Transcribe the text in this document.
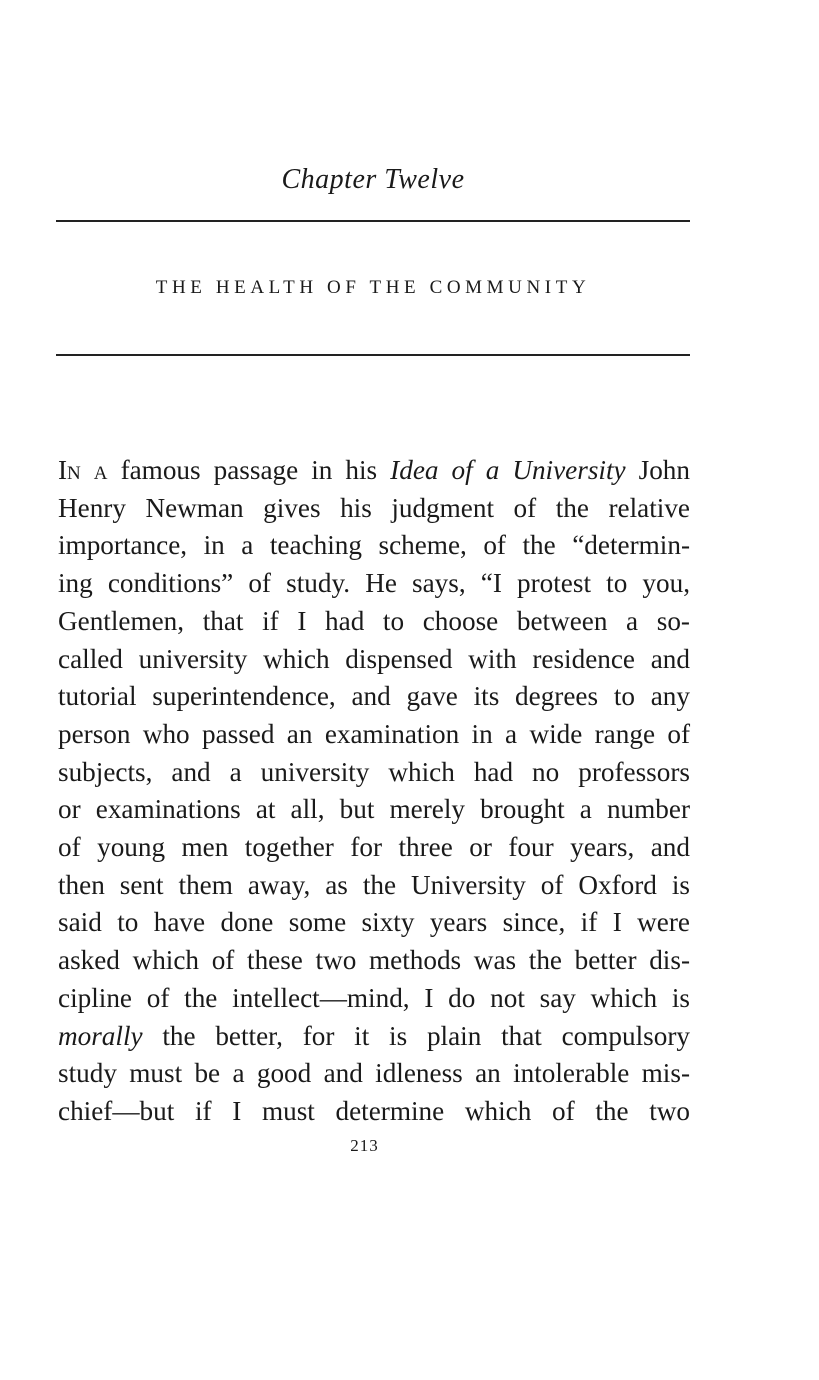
Chapter Twelve
THE HEALTH OF THE COMMUNITY
In a famous passage in his Idea of a University John
Henry Newman gives his judgment of the relative
importance, in a teaching scheme, of the “determin-
ing conditions” of study. He says, “I protest to you,
Gentlemen, that if I had to choose between a so-
called university which dispensed with residence and
tutorial superintendence, and gave its degrees to any
person who passed an examination in a wide range of
subjects, and a university which had no professors
or examinations at all, but merely brought a number
of young men together for three or four years, and
then sent them away, as the University of Oxford is
said to have done some sixty years since, if I were
asked which of these two methods was the better dis-
cipline of the intellect—mind, I do not say which is
morally the better, for it is plain that compulsory
study must be a good and idleness an intolerable mis-
chief—but if I must determine which of the two
213
